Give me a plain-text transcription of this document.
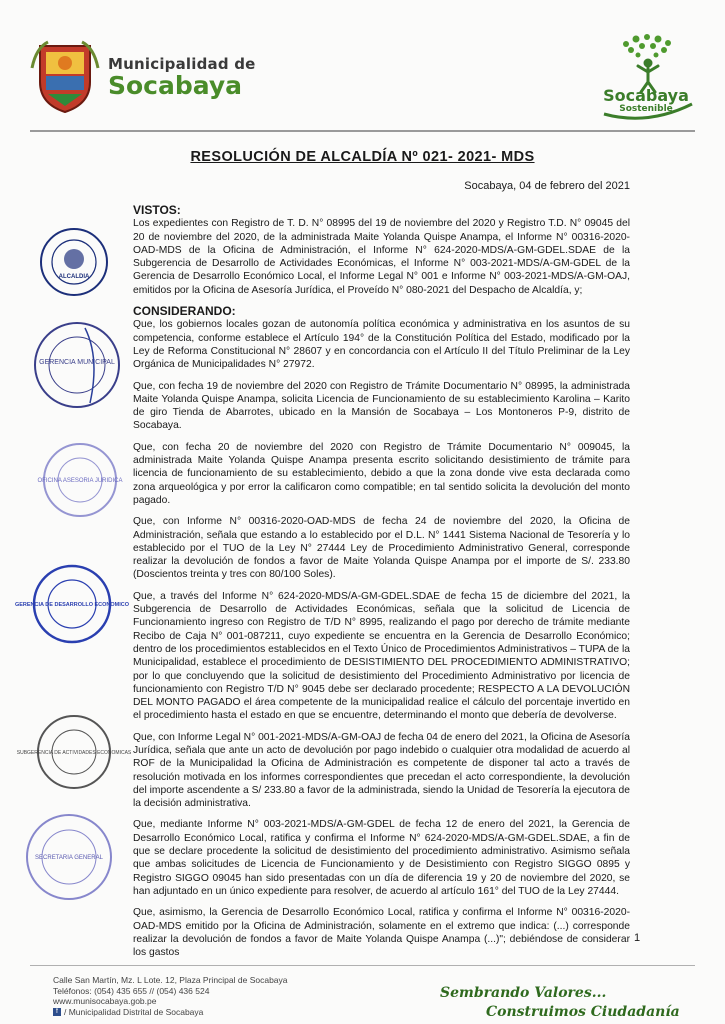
Municipalidad de
Socabaya	Socabaya
Sostenible
RESOLUCIÓN DE ALCALDÍA Nº 021- 2021- MDS
Socabaya, 04 de febrero del 2021

VISTOS:

Los expedientes con Registro de T. D. N° 08995 del 19 de noviembre del 2020 y Registro T.D. N° 09045 del 20 de noviembre del 2020, de la administrada Maite Yolanda Quispe Anampa, el Informe N° 00316-2020-OAD-MDS de la Oficina de Administración, el Informe N° 624-2020-MDS/A-GM-GDEL.SDAE de la Subgerencia de Desarrollo de Actividades Económicas, el Informe N° 003-2021-MDS/A-GM-GDEL de la Gerencia de Desarrollo Económico Local, el Informe Legal N° 001 e Informe N° 003-2021-MDS/A-GM-OAJ, emitidos por la Oficina de Asesoría Jurídica, el Proveído N° 080-2021 del Despacho de Alcaldía, y;

CONSIDERANDO:

Que, los gobiernos locales gozan de autonomía política económica y administrativa en los asuntos de su competencia, conforme establece el Artículo 194° de la Constitución Política del Estado, modificado por la Ley de Reforma Constitucional N° 28607 y en concordancia con el Artículo II del Título Preliminar de la Ley Orgánica de Municipalidades N° 27972.

Que, con fecha 19 de noviembre del 2020 con Registro de Trámite Documentario N° 08995, la administrada Maite Yolanda Quispe Anampa, solicita Licencia de Funcionamiento de su establecimiento Karolina – Karito de giro Tienda de Abarrotes, ubicado en la Mansión de Socabaya – Los Montoneros P-9, distrito de Socabaya.

Que, con fecha 20 de noviembre del 2020 con Registro de Trámite Documentario N° 009045, la administrada Maite Yolanda Quispe Anampa presenta escrito solicitando desistimiento de trámite para licencia de funcionamiento de su establecimiento, debido a que la zona donde vive esta declarada como zona arqueológica y por error la calificaron como compatible; en tal sentido solicita la devolución del monto pagado.

Que, con Informe N° 00316-2020-OAD-MDS de fecha 24 de noviembre del 2020, la Oficina de Administración, señala que estando a lo establecido por el D.L. N° 1441 Sistema Nacional de Tesorería y lo establecido por el TUO de la Ley N° 27444 Ley de Procedimiento Administrativo General, corresponde realizar la devolución de fondos a favor de Maite Yolanda Quispe Anampa por el importe de S/. 233.80 (Doscientos treinta y tres con 80/100 Soles).

Que, a través del Informe N° 624-2020-MDS/A-GM-GDEL.SDAE de fecha 15 de diciembre del 2021, la Subgerencia de Desarrollo de Actividades Económicas, señala que la solicitud de Licencia de Funcionamiento ingreso con Registro de T/D N° 8995, realizando el pago por derecho de trámite mediante Recibo de Caja N° 001-087211, cuyo expediente se encuentra en la Gerencia de Desarrollo Económico; dentro de los procedimientos establecidos en el Texto Único de Procedimientos Administrativos – TUPA de la Municipalidad, establece el procedimiento de DESISTIMIENTO DEL PROCEDIMIENTO ADMINISTRATIVO; por lo que concluyendo que la solicitud de desistimiento del Procedimiento Administrativo por licencia de funcionamiento con Registro T/D N° 9045 debe ser declarado procedente; RESPECTO A LA DEVOLUCIÓN DEL MONTO PAGADO el área competente de la municipalidad realice el cálculo del porcentaje invertido en el procedimiento hasta el estado en que se encuentre, determinando el monto que debería de devolverse.

Que, con Informe Legal N° 001-2021-MDS/A-GM-OAJ de fecha 04 de enero del 2021, la Oficina de Asesoría Jurídica, señala que ante un acto de devolución por pago indebido o cualquier otra modalidad de acuerdo al ROF de la Municipalidad la Oficina de Administración es competente de disponer tal acto a través de resolución motivada en los informes correspondientes que precedan el acto correspondiente, la devolución del importe ascendente a S/ 233.80 a favor de la administrada, siendo la Unidad de Tesorería la ejecutora de la decisión administrativa.

Que, mediante Informe N° 003-2021-MDS/A-GM-GDEL de fecha 12 de enero del 2021, la Gerencia de Desarrollo Económico Local, ratifica y confirma el Informe N° 624-2020-MDS/A-GM-GDEL.SDAE, a fin de que se declare procedente la solicitud de desistimiento del procedimiento administrativo. Asimismo señala que ambas solicitudes de Licencia de Funcionamiento y de Desistimiento con Registro SIGGO 0895 y Registro SIGGO 09045 han sido presentadas con un día de diferencia 19 y 20 de noviembre del 2020, se han adjuntado en un único expediente para resolver, de acuerdo al artículo 161° del TUO de la Ley 27444.

Que, asimismo, la Gerencia de Desarrollo Económico Local, ratifica y confirma el Informe N° 00316-2020-OAD-MDS emitido por la Oficina de Administración, solamente en el extremo que indica: (...) corresponde realizar la devolución de fondos a favor de Maite Yolanda Quispe Anampa (...)"; debiéndose de considerar los gastos

ALCALDIA
GERENCIA MUNICIPAL
OFICINA ASESORIA JURIDICA
GERENCIA DE DESARROLLO ECONOMICO
SUBGERENCIA DE ACTIVIDADES ECONOMICAS
SECRETARIA GENERAL
1
Calle San Martín, Mz. L Lote. 12, Plaza Principal de Socabaya
Teléfonos: (054) 435 655 // (054) 436 524
www.munisocabaya.gob.pe
f / Municipalidad Distrital de Socabaya
Sembrando Valores...
Construimos Ciudadanía
